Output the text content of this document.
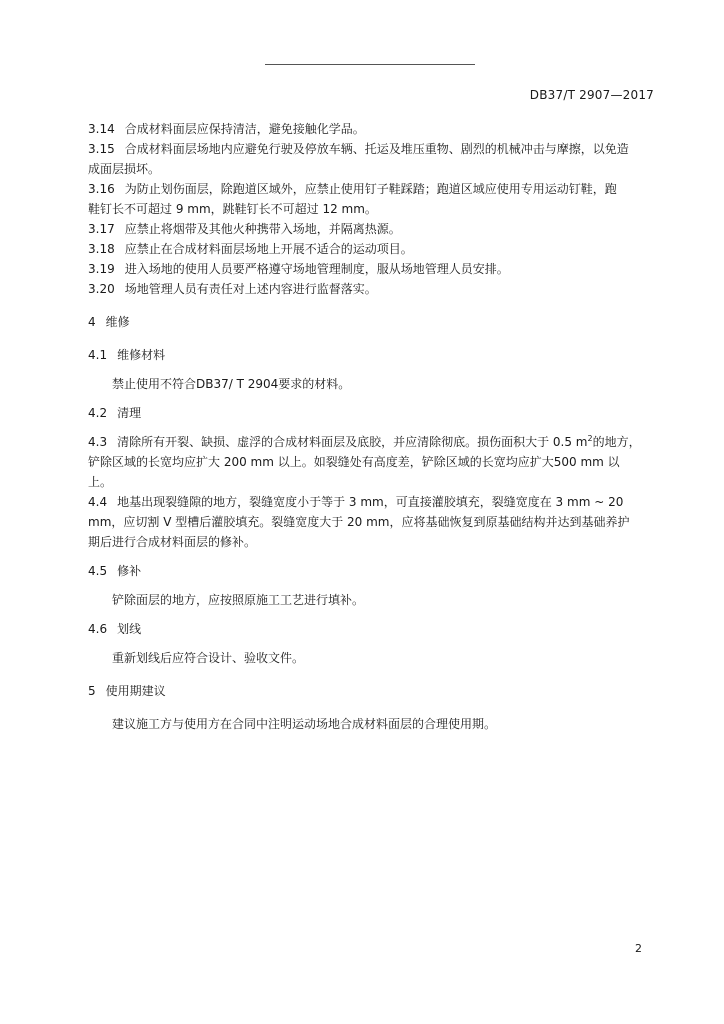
DB37/T 2907—2017

3.14 合成材料面层应保持清洁，避免接触化学品。

3.15 合成材料面层场地内应避免行驶及停放车辆、托运及堆压重物、剧烈的机械冲击与摩擦，以免造

成面层损坏。

3.16 为防止划伤面层，除跑道区域外，应禁止使用钉子鞋踩踏；跑道区域应使用专用运动钉鞋，跑

鞋钉长不可超过 9 mm，跳鞋钉长不可超过 12 mm。

3.17 应禁止将烟带及其他火种携带入场地，并隔离热源。

3.18 应禁止在合成材料面层场地上开展不适合的运动项目。

3.19 进入场地的使用人员要严格遵守场地管理制度，服从场地管理人员安排。

3.20 场地管理人员有责任对上述内容进行监督落实。

4 维修

4.1 维修材料

禁止使用不符合DB37/ T 2904要求的材料。

4.2 清理

4.3 清除所有开裂、缺损、虚浮的合成材料面层及底胶，并应清除彻底。损伤面积大于 0.5 $m^2$的地方，

铲除区域的长宽均应扩大 200 mm 以上。如裂缝处有高度差，铲除区域的长宽均应扩大500 mm 以

上。

4.4 地基出现裂缝隙的地方，裂缝宽度小于等于 3 mm，可直接灌胶填充，裂缝宽度在 3 mm ~ 20

mm，应切割 V 型槽后灌胶填充。裂缝宽度大于 20 mm，应将基础恢复到原基础结构并达到基础养护

期后进行合成材料面层的修补。

4.5 修补

铲除面层的地方，应按照原施工工艺进行填补。

4.6 划线

重新划线后应符合设计、验收文件。

5 使用期建议

建议施工方与使用方在合同中注明运动场地合成材料面层的合理使用期。

2
